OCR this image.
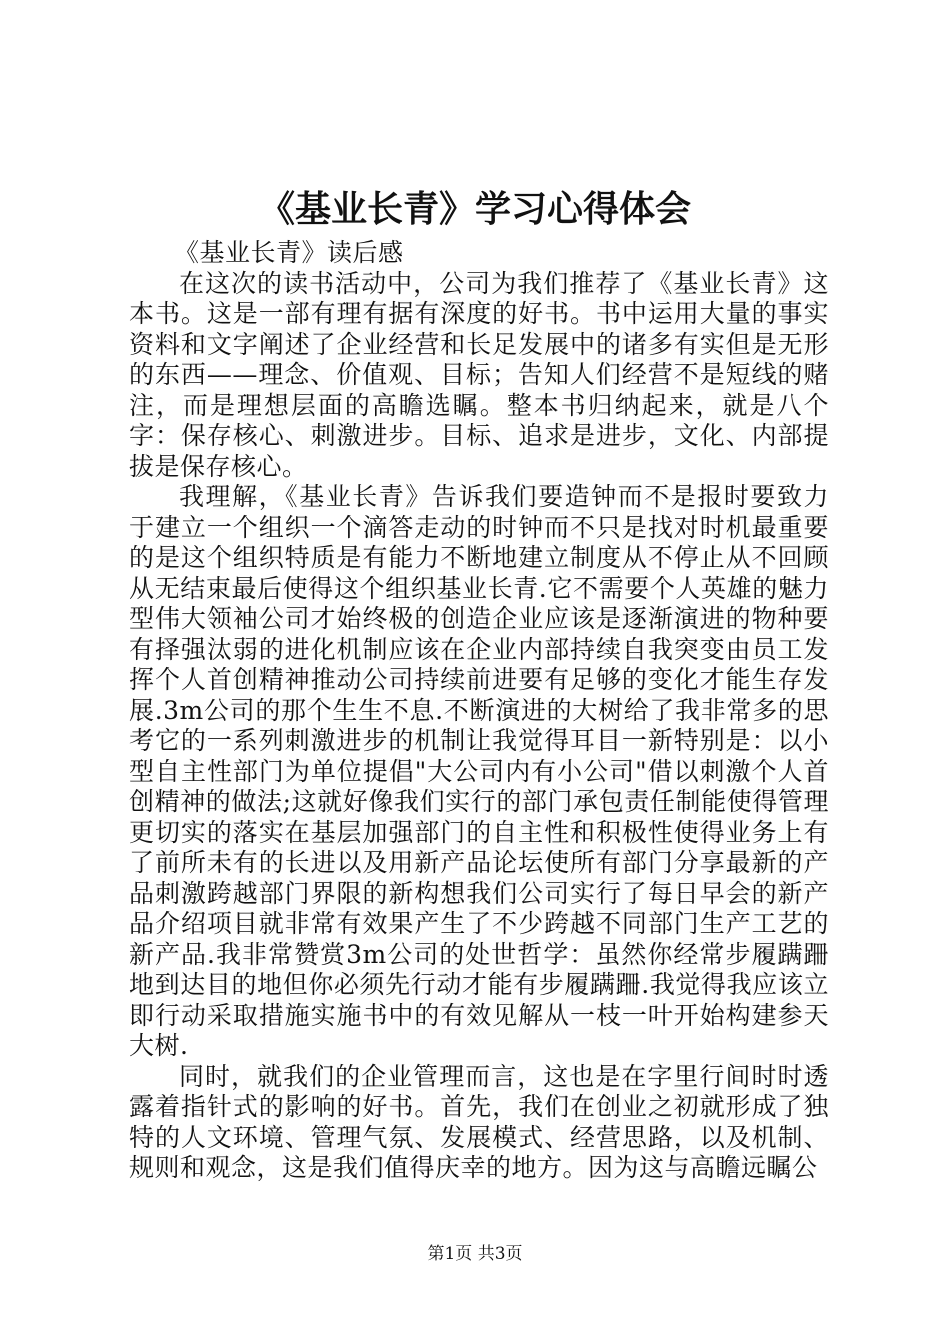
《基业长青》学习心得体会

《基业长青》读后感

在这次的读书活动中，公司为我们推荐了《基业长青》这本书。这是一部有理有据有深度的好书。书中运用大量的事实资料和文字阐述了企业经营和长足发展中的诸多有实但是无形的东西——理念、价值观、目标；告知人们经营不是短线的赌注，而是理想层面的高瞻选瞩。整本书归纳起来，就是八个字：保存核心、刺激进步。目标、追求是进步，文化、内部提拔是保存核心。

我理解，《基业长青》告诉我们要造钟而不是报时要致力于建立一个组织一个滴答走动的时钟而不只是找对时机最重要的是这个组织特质是有能力不断地建立制度从不停止从不回顾从无结束最后使得这个组织基业长青.它不需要个人英雄的魅力型伟大领袖公司才始终极的创造企业应该是逐渐演进的物种要有择强汰弱的进化机制应该在企业内部持续自我突变由员工发挥个人首创精神推动公司持续前进要有足够的变化才能生存发展.3m公司的那个生生不息.不断演进的大树给了我非常多的思考它的一系列刺激进步的机制让我觉得耳目一新特别是：以小型自主性部门为单位提倡"大公司内有小公司"借以刺激个人首创精神的做法;这就好像我们实行的部门承包责任制能使得管理更切实的落实在基层加强部门的自主性和积极性使得业务上有了前所未有的长进以及用新产品论坛使所有部门分享最新的产品刺激跨越部门界限的新构想我们公司实行了每日早会的新产品介绍项目就非常有效果产生了不少跨越不同部门生产工艺的新产品.我非常赞赏3m公司的处世哲学：虽然你经常步履蹒跚地到达目的地但你必须先行动才能有步履蹒跚.我觉得我应该立即行动采取措施实施书中的有效见解从一枝一叶开始构建参天大树.

同时，就我们的企业管理而言，这也是在字里行间时时透露着指针式的影响的好书。首先，我们在创业之初就形成了独特的人文环境、管理气氛、发展模式、经营思路，以及机制、规则和观念，这是我们值得庆幸的地方。因为这与高瞻远瞩公

第1页 共3页
